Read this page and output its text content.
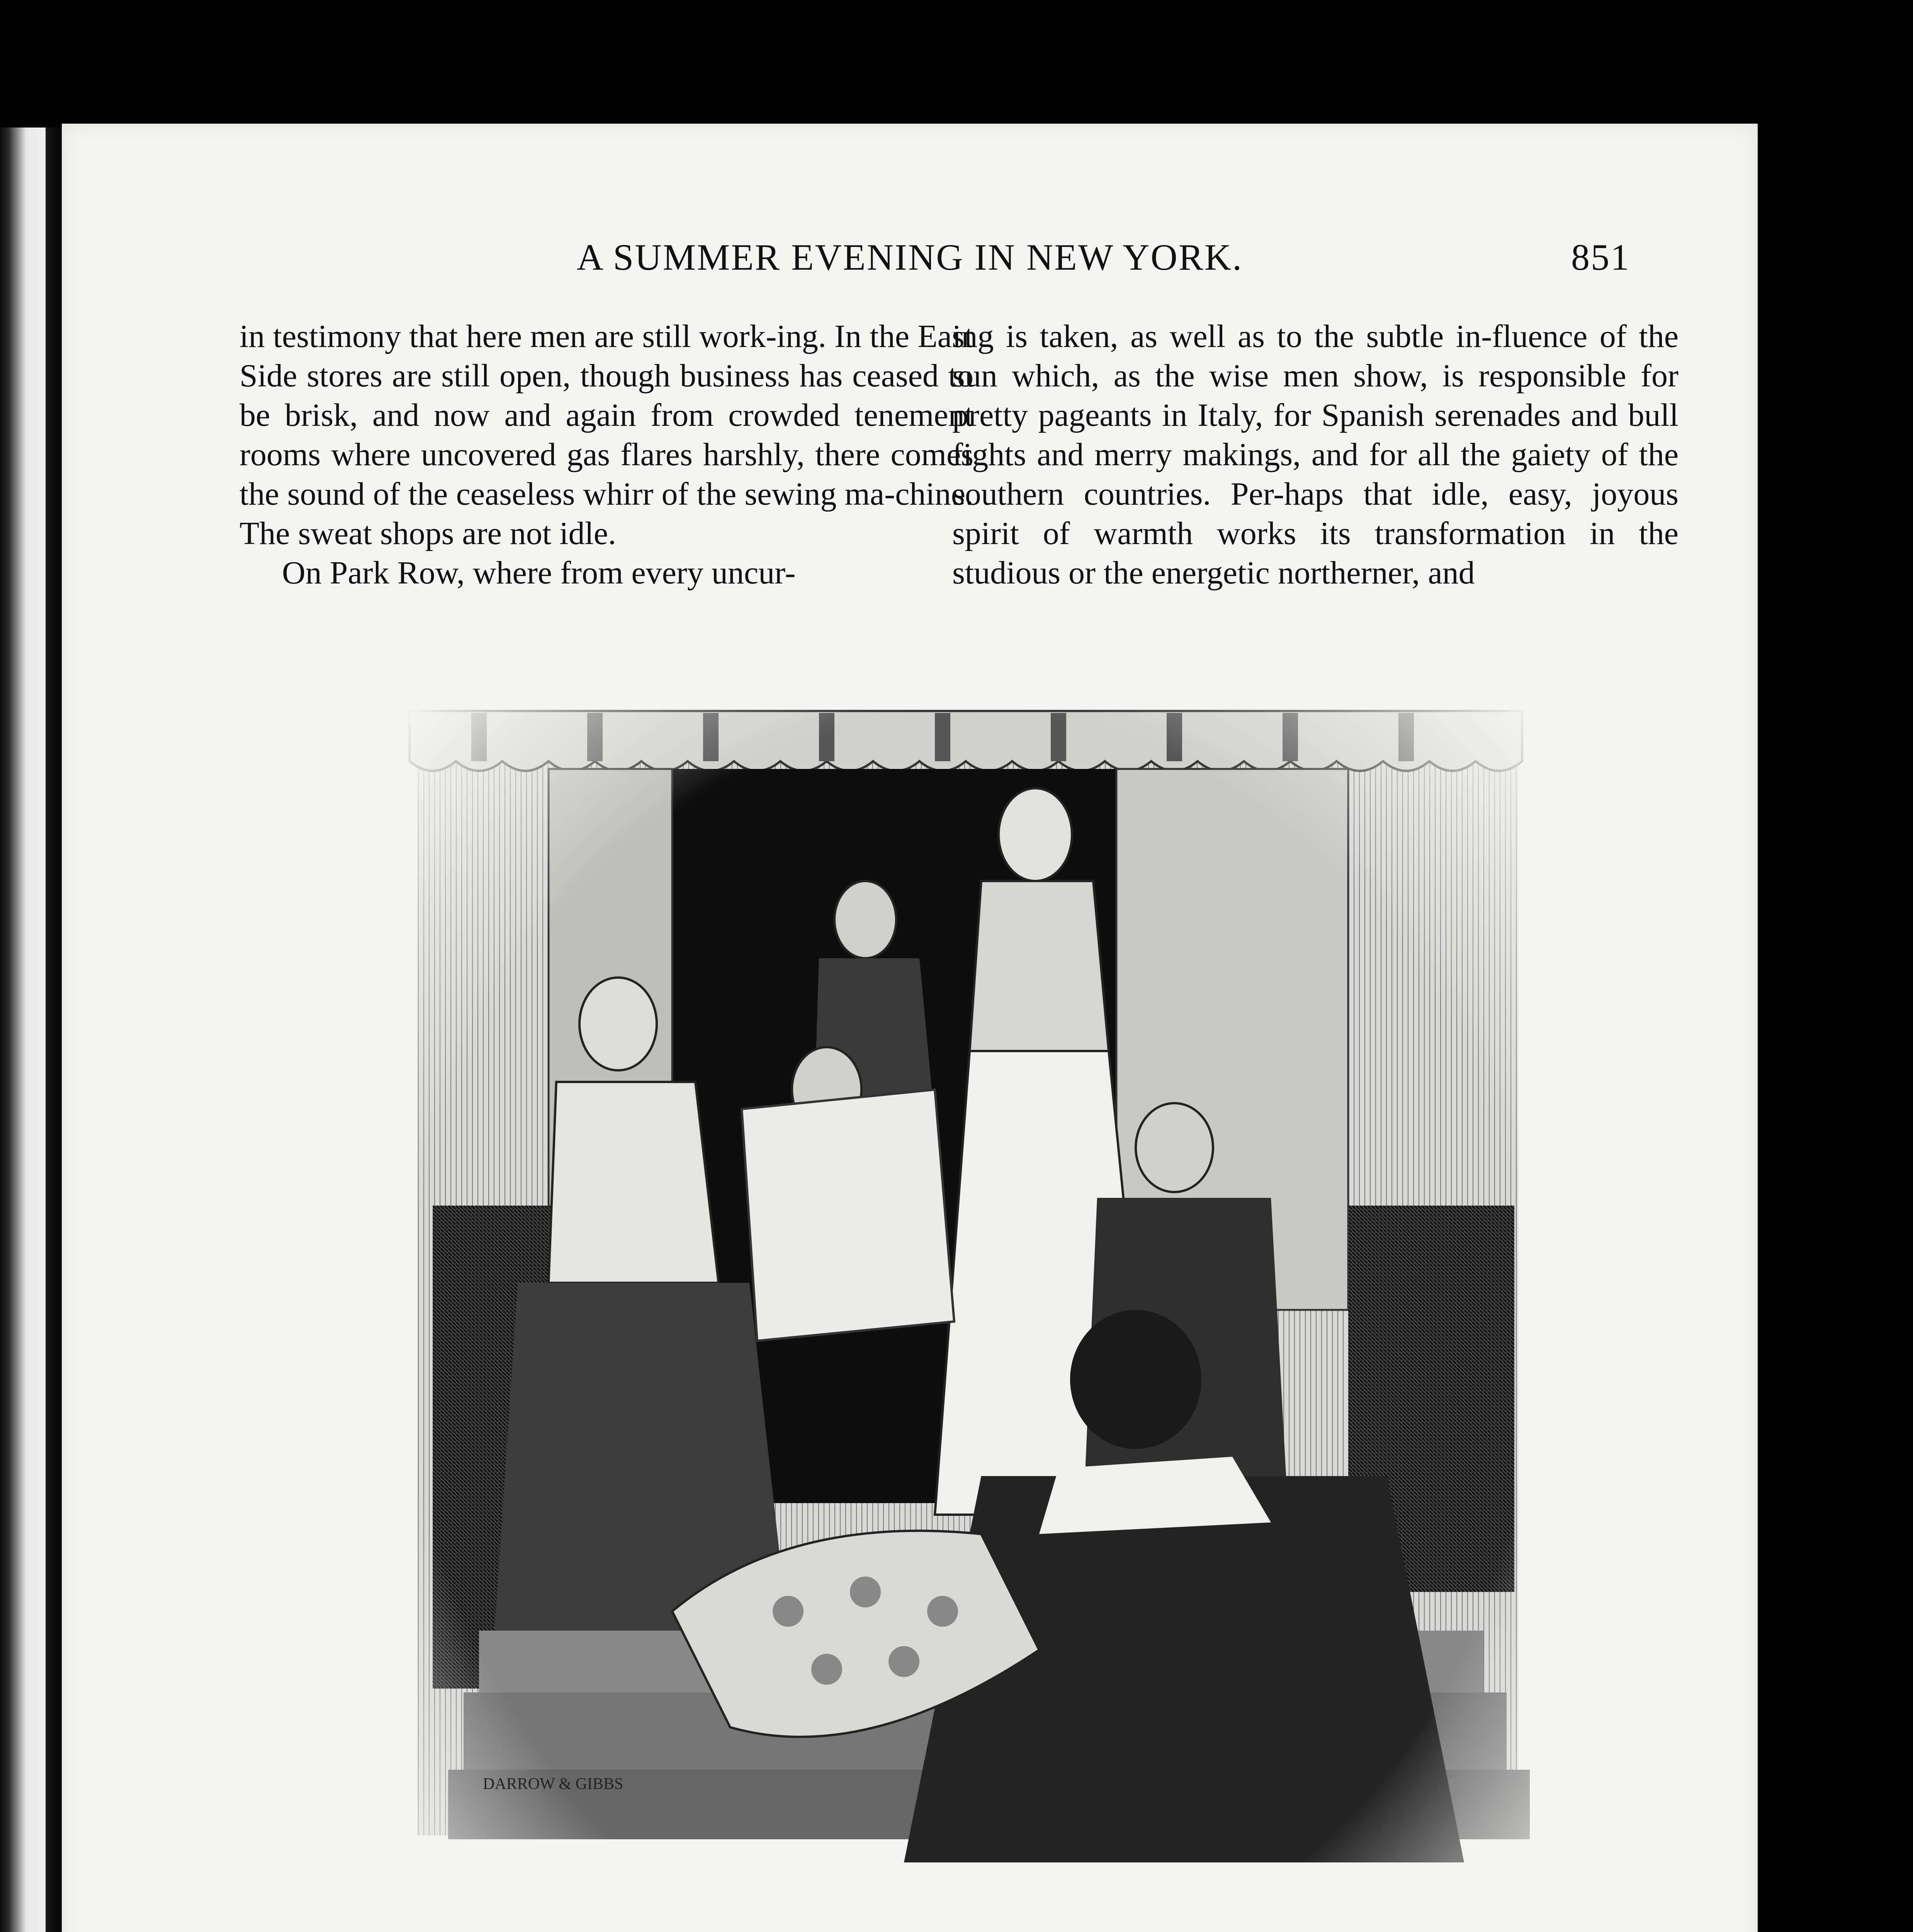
A SUMMER EVENING IN NEW YORK.	851

in testimony that here men are still work-ing. In the East Side stores are still open, though business has ceased to be brisk, and now and again from crowded tenement rooms where uncovered gas flares harshly, there comes the sound of the ceaseless whirr of the sewing ma-chine. The sweat shops are not idle.

On Park Row, where from every uncur-

ing is taken, as well as to the subtle in-fluence of the sun which, as the wise men show, is responsible for pretty pageants in Italy, for Spanish serenades and bull fights and merry makings, and for all the gaiety of the southern countries. Per-haps that idle, easy, joyous spirit of warmth works its transformation in the studious or the energetic northerner, and

DARROW & GIBBS
